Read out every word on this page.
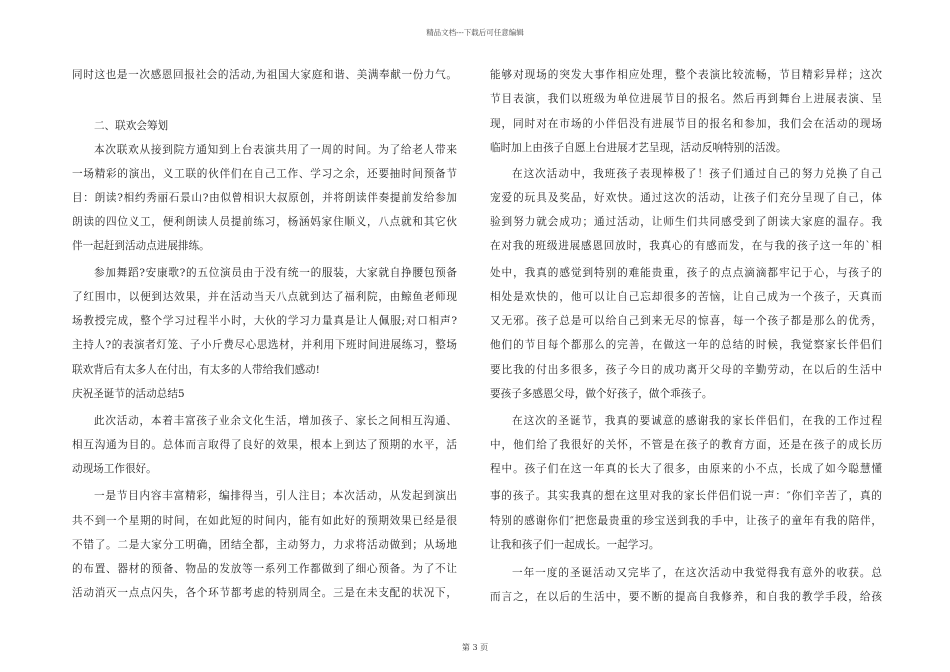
精品文档---下载后可任意编辑
同时这也是一次感恩回报社会的活动,为祖国大家庭和谐、美满奉献一份力气。
二、联欢会筹划
本次联欢从接到院方通知到上台表演共用了一周的时间。为了给老人带来
一场精彩的演出，义工联的伙伴们在自己工作、学习之余，还要抽时间预备节
目：朗读?相约秀丽石景山?由似曾相识大叔原创，并将朗读伴奏提前发给参加
朗读的四位义工，便利朗读人员提前练习，杨涵妈家住顺义，八点就和其它伙
伴一起赶到活动点进展排练。
参加舞蹈?安康歌?的五位演员由于没有统一的服装，大家就自挣腰包预备
了红围巾，以便到达效果，并在活动当天八点就到达了福利院，由鲸鱼老师现
场教授完成，整个学习过程半小时，大伙的学习力量真是让人佩服;对口相声?
主持人?的表演者灯笼、子小斤费尽心思选材，并利用下班时间进展练习，整场
联欢背后有太多人在付出，有太多的人带给我们感动!
庆祝圣诞节的活动总结5
此次活动，本着丰富孩子业余文化生活，增加孩子、家长之间相互沟通、
相互沟通为目的。总体而言取得了良好的效果，根本上到达了预期的水平，活
动现场工作很好。
一是节目内容丰富精彩，编排得当，引人注目；本次活动，从发起到演出
共不到一个星期的时间，在如此短的时间内，能有如此好的预期效果已经是很
不错了。二是大家分工明确，团结全都，主动努力，力求将活动做到；从场地
的布置、器材的预备、物品的发放等一系列工作都做到了细心预备。为了不让
活动消灭一点点闪失，各个环节都考虑的特别周全。三是在未支配的状况下，
能够对现场的突发大事作相应处理，整个表演比较流畅，节目精彩异样；这次
节目表演，我们以班级为单位进展节目的报名。然后再到舞台上进展表演、呈
现，同时对在市场的小伴侣没有进展节目的报名和参加，我们会在活动的现场
临时加上由孩子自愿上台进展才艺呈现，活动反响特别的活泼。
在这次活动中，我班孩子表现棒极了！孩子们通过自己的努力兑换了自己
宠爱的玩具及奖品，好欢快。通过这次的活动，让孩子们充分呈现了自己，体
验到努力就会成功；通过活动，让师生们共同感受到了朗读大家庭的温存。我
在对我的班级进展感恩回放时，我真心的有感而发，在与我的孩子这一年的`相
处中，我真的感觉到特别的难能贵重，孩子的点点滴滴都牢记于心，与孩子的
相处是欢快的，他可以让自己忘却很多的苦恼，让自己成为一个孩子，天真而
又无邪。孩子总是可以给自己到来无尽的惊喜，每一个孩子都是那么的优秀，
他们的节目每个都那么的完善，在做这一年的总结的时候，我觉察家长伴侣们
要比我的付出多很多，孩子今日的成功离开父母的辛勤劳动，在以后的生活中
要孩子多感恩父母，做个好孩子，做个乖孩子。
在这次的圣诞节，我真的要诚意的感谢我的家长伴侣们，在我的工作过程
中，他们给了我很好的关怀，不管是在孩子的教育方面，还是在孩子的成长历
程中。孩子们在这一年真的长大了很多，由原来的小不点，长成了如今聪慧懂
事的孩子。其实我真的想在这里对我的家长伴侣们说一声：″你们辛苦了，真的
特别的感谢你们″把您最贵重的珍宝送到我的手中，让孩子的童年有我的陪伴，
让我和孩子们一起成长。一起学习。
一年一度的圣诞活动又完毕了，在这次活动中我觉得我有意外的收获。总
而言之，在以后的生活中，要不断的提高自我修养，和自我的教学手段，给孩
第 3 页
